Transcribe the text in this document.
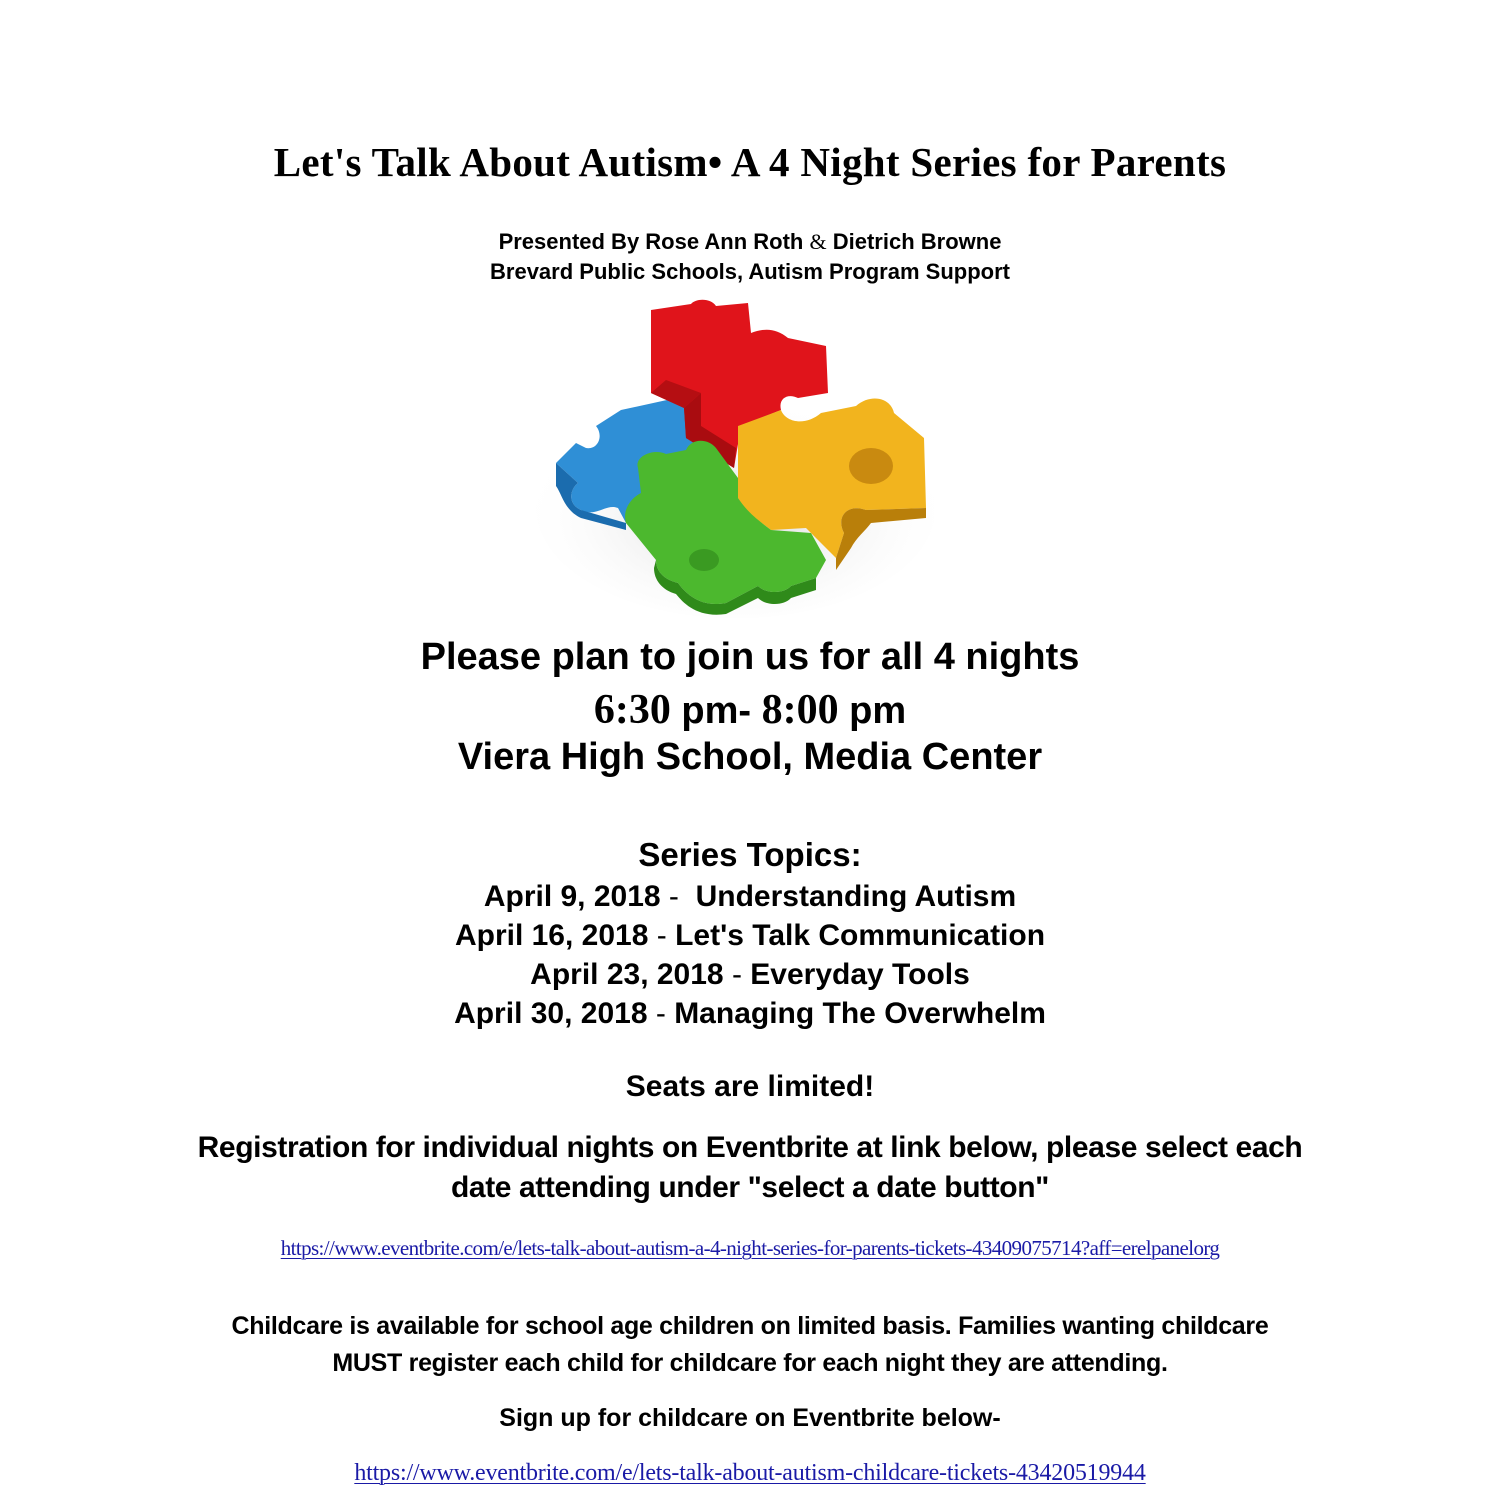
Let's Talk About Autism• A 4 Night Series for Parents
Presented By Rose Ann Roth & Dietrich Browne
Brevard Public Schools, Autism Program Support
Please plan to join us for all 4 nights
6:30 pm- 8:00 pm
Viera High School, Media Center
Series Topics:
April 9, 2018 -  Understanding Autism
April 16, 2018 - Let's Talk Communication
April 23, 2018 - Everyday Tools
April 30, 2018 - Managing The Overwhelm
Seats are limited!
Registration for individual nights on Eventbrite at link below, please select each
date attending under "select a date button"
https://www.eventbrite.com/e/lets-talk-about-autism-a-4-night-series-for-parents-tickets-43409075714?aff=erelpanelorg
Childcare is available for school age children on limited basis. Families wanting childcare
MUST register each child for childcare for each night they are attending.
Sign up for childcare on Eventbrite below-
https://www.eventbrite.com/e/lets-talk-about-autism-childcare-tickets-43420519944
